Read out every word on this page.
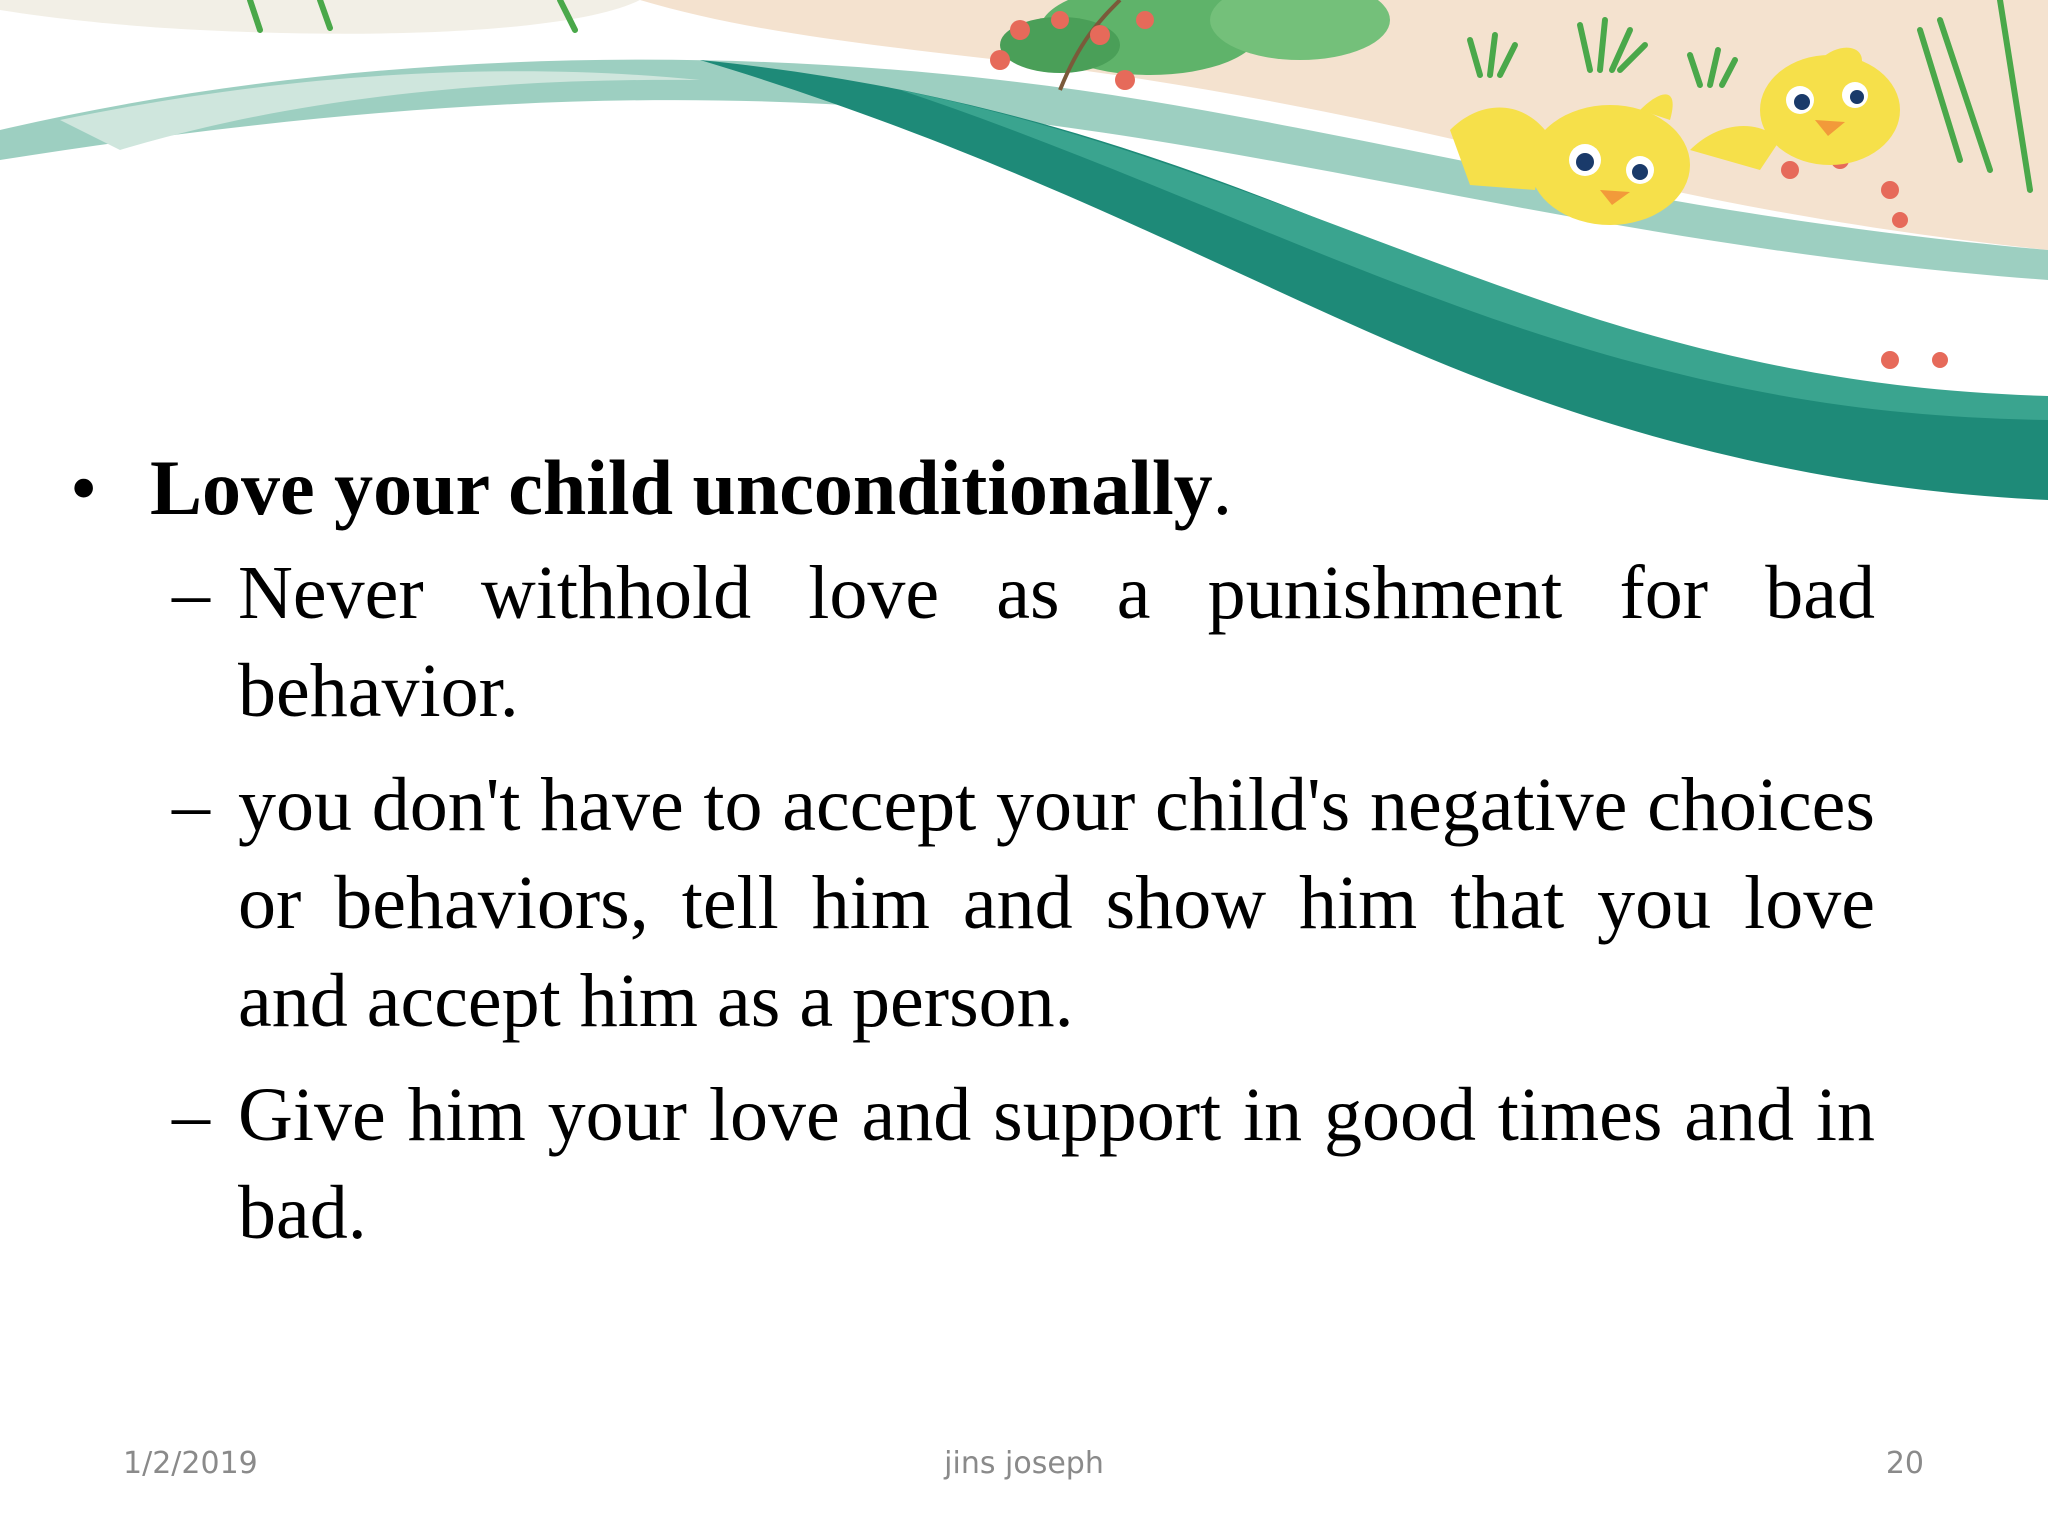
• Love your child unconditionally.
– Never withhold love as a punishment for bad behavior.
– you don't have to accept your child's negative choices or behaviors, tell him and show him that you love and accept him as a person.
– Give him your love and support in good times and in bad.
1/2/2019	jins joseph	20
